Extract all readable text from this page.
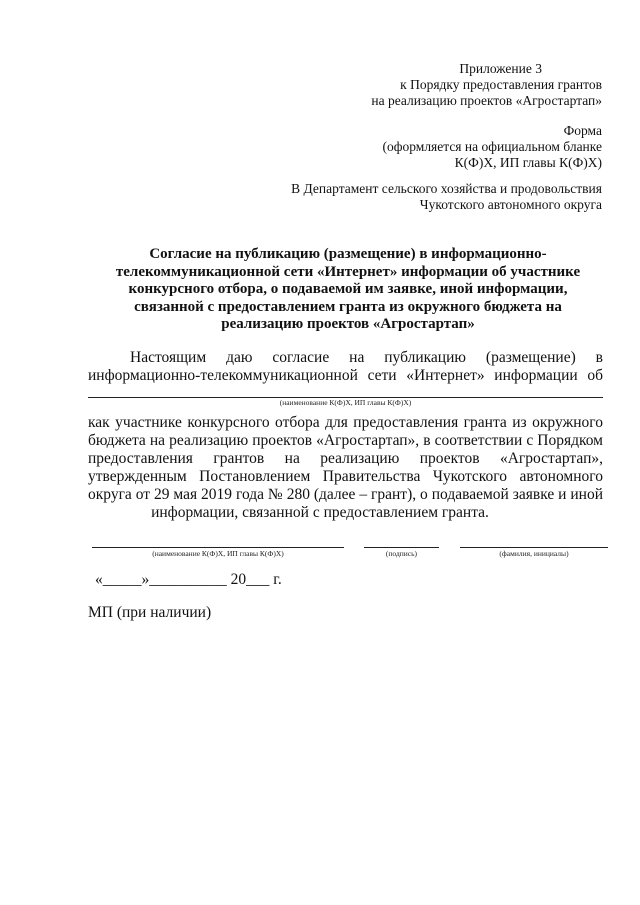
Приложение 3
к Порядку предоставления грантов
на реализацию проектов «Агростартап»
Форма
(оформляется на официальном бланке
К(Ф)Х, ИП главы К(Ф)Х)
В Департамент сельского хозяйства и продовольствия
Чукотского автономного округа
Согласие на публикацию (размещение) в информационно-
телекоммуникационной сети «Интернет» информации об участнике
конкурсного отбора, о подаваемой им заявке, иной информации,
связанной с предоставлением гранта из окружного бюджета на
реализацию проектов «Агростартап»
Настоящим даю согласие на публикацию (размещение) в
информационно-телекоммуникационной сети «Интернет» информации об
(наименование К(Ф)Х, ИП главы К(Ф)Х)
как участнике конкурсного отбора для предоставления гранта из окружного
бюджета на реализацию проектов «Агростартап», в соответствии с Порядком
предоставления грантов на реализацию проектов «Агростартап»,
утвержденным Постановлением Правительства Чукотского автономного
округа от 29 мая 2019 года № 280 (далее – грант), о подаваемой заявке и иной
информации, связанной с предоставлением гранта.
(наименование К(Ф)Х, ИП главы К(Ф)Х)	(подпись)	(фамилия, инициалы)
«_____»__________ 20___ г.
МП (при наличии)
